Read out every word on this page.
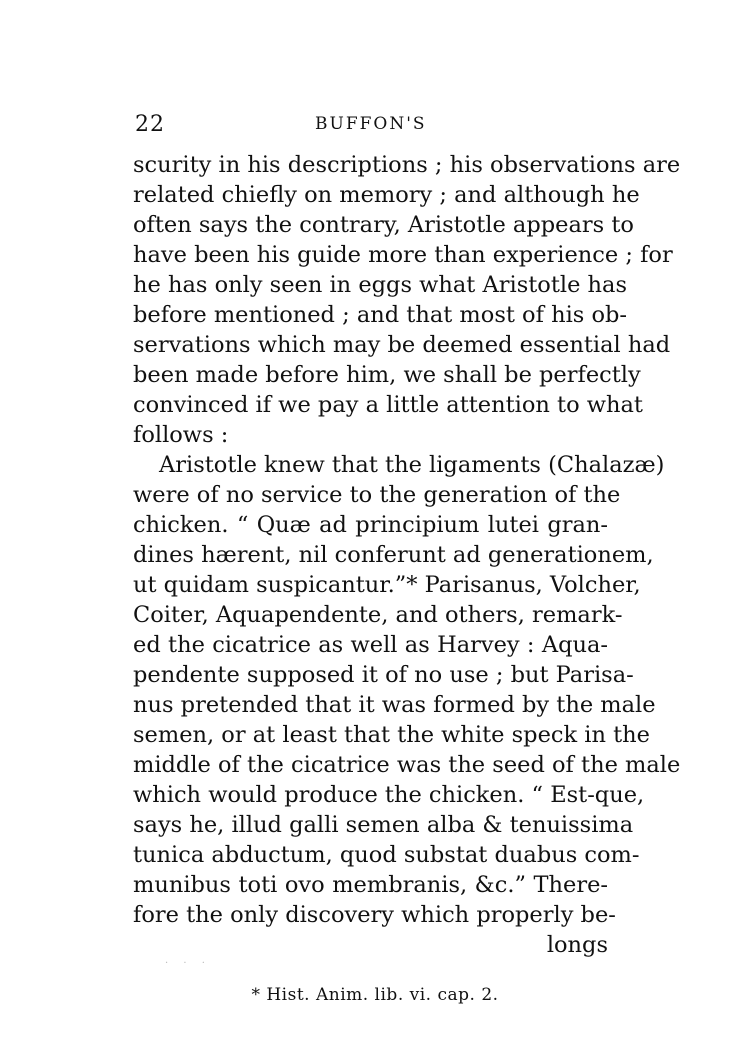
22	BUFFON'S
scurity in his descriptions ; his observations are
related chiefly on memory ; and although he
often says the contrary, Aristotle appears to
have been his guide more than experience ; for
he has only seen in eggs what Aristotle has
before mentioned ; and that most of his ob-
servations which may be deemed essential had
been made before him, we shall be perfectly
convinced if we pay a little attention to what
follows :
Aristotle knew that the ligaments (Chalazæ)
were of no service to the generation of the
chicken. “ Quæ ad principium lutei gran-
dines hærent, nil conferunt ad generationem,
ut quidam suspicantur.”* Parisanus, Volcher,
Coiter, Aquapendente, and others, remark-
ed the cicatrice as well as Harvey : Aqua-
pendente supposed it of no use ; but Parisa-
nus pretended that it was formed by the male
semen, or at least that the white speck in the
middle of the cicatrice was the seed of the male
which would produce the chicken. “ Est-que,
says he, illud galli semen alba & tenuissima
tunica abductum, quod substat duabus com-
munibus toti ovo membranis, &c.” There-
fore the only discovery which properly be-
longs
· · ·
* Hist. Anim. lib. vi. cap. 2.
